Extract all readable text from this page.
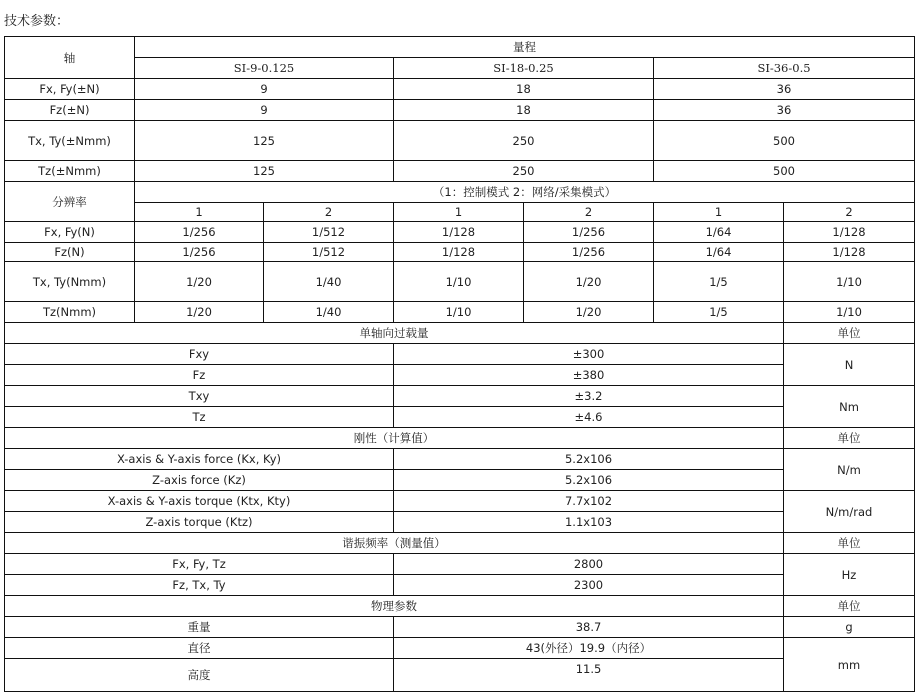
技术参数：
轴	量程					
	SI-9-0.125		SI-18-0.25		SI-36-0.5	
Fx, Fy(±N)	9		18		36	
Fz(±N)	9		18		36	
Tx, Ty(±Nmm)	125		250		500	
Tz(±Nmm)	125		250		500	
分辨率	（1：控制模式 2：网络/采集模式）					
	1	2	1	2	1	2
Fx, Fy(N)	1/256	1/512	1/128	1/256	1/64	1/128
Fz(N)	1/256	1/512	1/128	1/256	1/64	1/128
Tx, Ty(Nmm)	1/20	1/40	1/10	1/20	1/5	1/10
Tz(Nmm)	1/20	1/40	1/10	1/20	1/5	1/10
单轴向过载量						单位
Fxy			±300			N
Fz			±380			
Txy			±3.2			Nm
Tz			±4.6			
刚性（计算值）						单位
X-axis & Y-axis force (Kx, Ky)			5.2x106			N/m
Z-axis force (Kz)			5.2x106			
X-axis & Y-axis torque (Ktx, Kty)			7.7x102			N/m/rad
Z-axis torque (Ktz)			1.1x103			
谐振频率（测量值）						单位
Fx, Fy, Tz			2800			Hz
Fz, Tx, Ty			2300			
物理参数						单位
重量			38.7			g
直径			43(外径）19.9（内径）			mm
高度			11.5			
